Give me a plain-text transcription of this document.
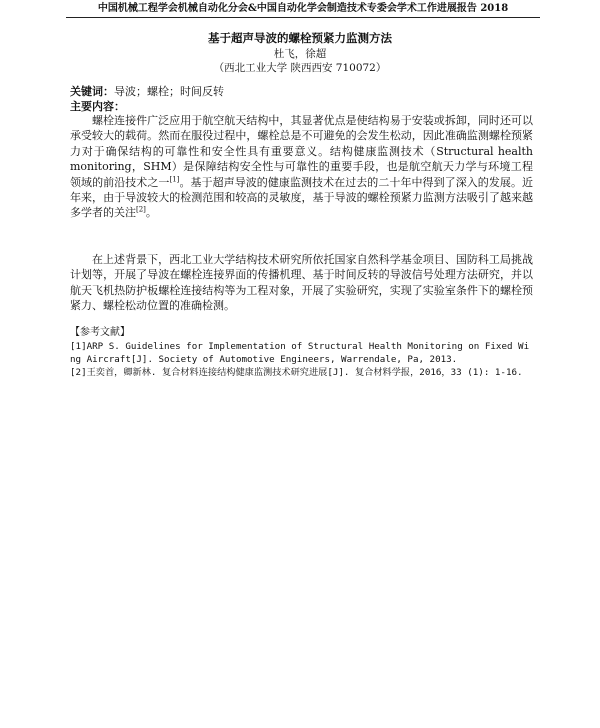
中国机械工程学会机械自动化分会&中国自动化学会制造技术专委会学术工作进展报告 2018
基于超声导波的螺栓预紧力监测方法
杜飞，徐超
（西北工业大学 陕西西安 710072）
关键词：导波；螺栓；时间反转
主要内容：

螺栓连接件广泛应用于航空航天结构中，其显著优点是使结构易于安装或拆卸，同时还可以承受较大的载荷。然而在服役过程中，螺栓总是不可避免的会发生松动，因此准确监测螺栓预紧力对于确保结构的可靠性和安全性具有重要意义。结构健康监测技术（Structural health monitoring，SHM）是保障结构安全性与可靠性的重要手段，也是航空航天力学与环境工程领域的前沿技术之一[1]。基于超声导波的健康监测技术在过去的二十年中得到了深入的发展。近年来，由于导波较大的检测范围和较高的灵敏度，基于导波的螺栓预紧力监测方法吸引了越来越多学者的关注[2]。

在上述背景下，西北工业大学结构技术研究所依托国家自然科学基金项目、国防科工局挑战计划等，开展了导波在螺栓连接界面的传播机理、基于时间反转的导波信号处理方法研究，并以航天飞机热防护板螺栓连接结构等为工程对象，开展了实验研究，实现了实验室条件下的螺栓预紧力、螺栓松动位置的准确检测。

【参考文献】

[1]ARP S. Guidelines for Implementation of Structural Health Monitoring on Fixed Wing Aircraft[J]. Society of Automotive Engineers, Warrendale, Pa, 2013.

[2]王奕首，卿新林. 复合材料连接结构健康监测技术研究进展[J]. 复合材料学报，2016，33 (1): 1-16.
